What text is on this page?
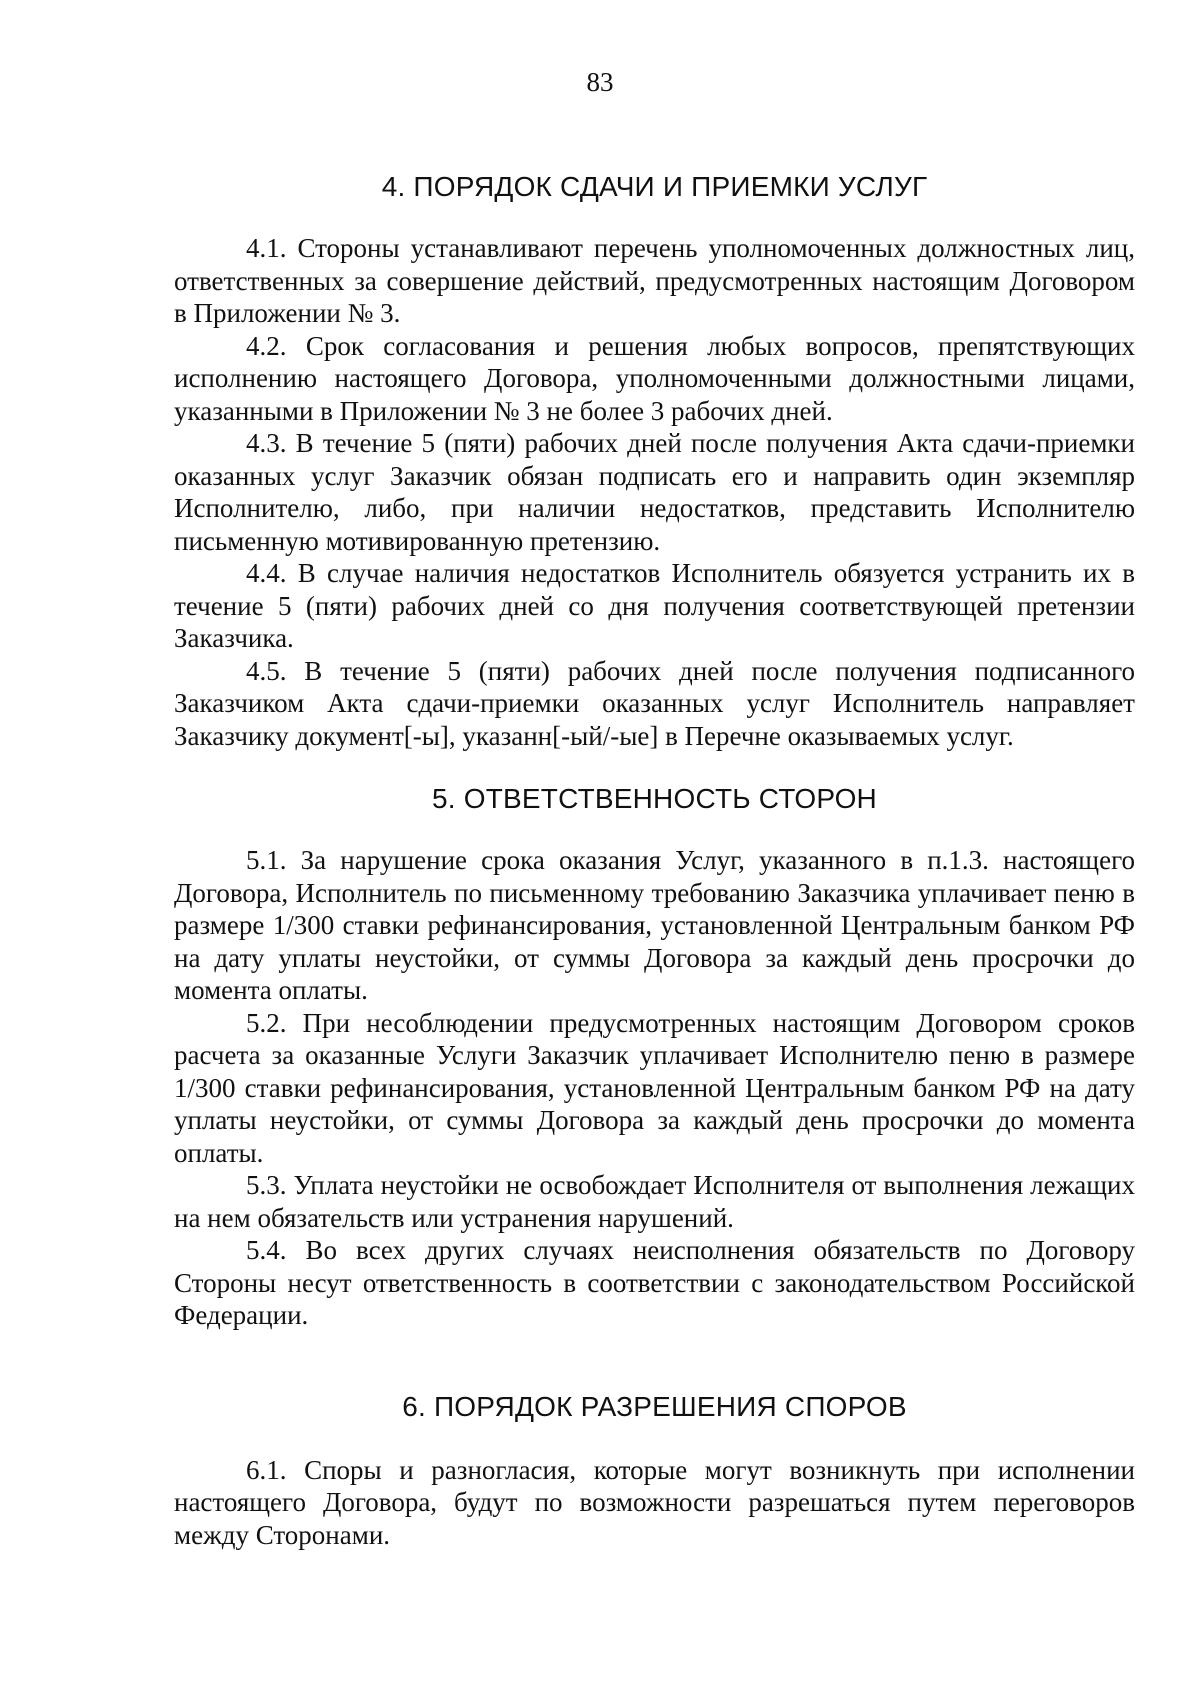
83
4. ПОРЯДОК СДАЧИ И ПРИЕМКИ УСЛУГ

4.1. Стороны устанавливают перечень уполномоченных должностных лиц, ответственных за совершение действий, предусмотренных настоящим Договором в Приложении № 3.

4.2. Срок согласования и решения любых вопросов, препятствующих исполнению настоящего Договора, уполномоченными должностными лицами, указанными в Приложении № 3 не более 3 рабочих дней.

4.3. В течение 5 (пяти) рабочих дней после получения Акта сдачи-приемки оказанных услуг Заказчик обязан подписать его и направить один экземпляр Исполнителю, либо, при наличии недостатков, представить Исполнителю письменную мотивированную претензию.

4.4. В случае наличия недостатков Исполнитель обязуется устранить их в течение 5 (пяти) рабочих дней со дня получения соответствующей претензии Заказчика.

4.5. В течение 5 (пяти) рабочих дней после получения подписанного Заказчиком Акта сдачи-приемки оказанных услуг Исполнитель направляет Заказчику документ[-ы], указанн[-ый/-ые] в Перечне оказываемых услуг.

5. ОТВЕТСТВЕННОСТЬ СТОРОН

5.1. За нарушение срока оказания Услуг, указанного в п.1.3. настоящего Договора, Исполнитель по письменному требованию Заказчика уплачивает пеню в размере 1/300 ставки рефинансирования, установленной Центральным банком РФ на дату уплаты неустойки, от суммы Договора за каждый день просрочки до момента оплаты.

5.2. При несоблюдении предусмотренных настоящим Договором сроков расчета за оказанные Услуги Заказчик уплачивает Исполнителю пеню в размере 1/300 ставки рефинансирования, установленной Центральным банком РФ на дату уплаты неустойки, от суммы Договора за каждый день просрочки до момента оплаты.

5.3. Уплата неустойки не освобождает Исполнителя от выполнения лежащих на нем обязательств или устранения нарушений.

5.4. Во всех других случаях неисполнения обязательств по Договору Стороны несут ответственность в соответствии с законодательством Российской Федерации.

6. ПОРЯДОК РАЗРЕШЕНИЯ СПОРОВ

6.1. Споры и разногласия, которые могут возникнуть при исполнении настоящего Договора, будут по возможности разрешаться путем переговоров между Сторонами.
